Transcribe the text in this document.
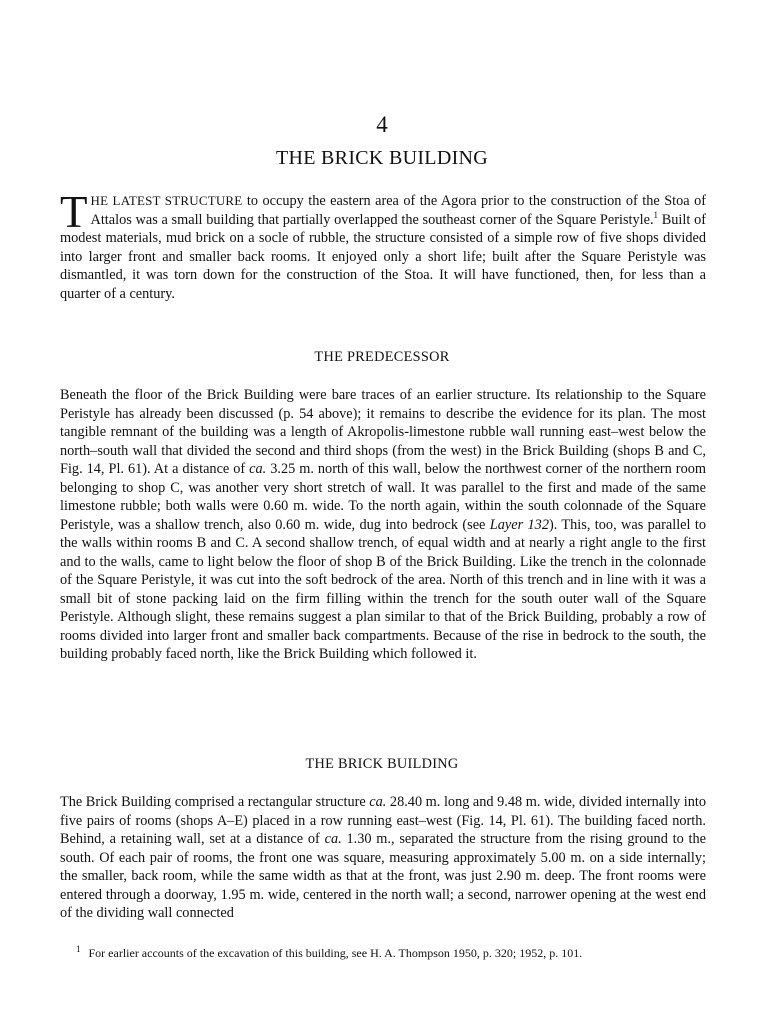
4
THE BRICK BUILDING

THE LATEST STRUCTURE to occupy the eastern area of the Agora prior to the construction of the Stoa of Attalos was a small building that partially overlapped the southeast corner of the Square Peristyle.$^1$ Built of modest materials, mud brick on a socle of rubble, the structure consisted of a simple row of five shops divided into larger front and smaller back rooms. It enjoyed only a short life; built after the Square Peristyle was dismantled, it was torn down for the construction of the Stoa. It will have functioned, then, for less than a quarter of a century.

THE PREDECESSOR

Beneath the floor of the Brick Building were bare traces of an earlier structure. Its relationship to the Square Peristyle has already been discussed (p. 54 above); it remains to describe the evidence for its plan. The most tangible remnant of the building was a length of Akropolis-limestone rubble wall running east–west below the north–south wall that divided the second and third shops (from the west) in the Brick Building (shops B and C, Fig. 14, Pl. 61). At a distance of ca. 3.25 m. north of this wall, below the northwest corner of the northern room belonging to shop C, was another very short stretch of wall. It was parallel to the first and made of the same limestone rubble; both walls were 0.60 m. wide. To the north again, within the south colonnade of the Square Peristyle, was a shallow trench, also 0.60 m. wide, dug into bedrock (see Layer 132). This, too, was parallel to the walls within rooms B and C. A second shallow trench, of equal width and at nearly a right angle to the first and to the walls, came to light below the floor of shop B of the Brick Building. Like the trench in the colonnade of the Square Peristyle, it was cut into the soft bedrock of the area. North of this trench and in line with it was a small bit of stone packing laid on the firm filling within the trench for the south outer wall of the Square Peristyle. Although slight, these remains suggest a plan similar to that of the Brick Building, probably a row of rooms divided into larger front and smaller back compartments. Because of the rise in bedrock to the south, the building probably faced north, like the Brick Building which followed it.

THE BRICK BUILDING

The Brick Building comprised a rectangular structure ca. 28.40 m. long and 9.48 m. wide, divided internally into five pairs of rooms (shops A–E) placed in a row running east–west (Fig. 14, Pl. 61). The building faced north. Behind, a retaining wall, set at a distance of ca. 1.30 m., separated the structure from the rising ground to the south. Of each pair of rooms, the front one was square, measuring approximately 5.00 m. on a side internally; the smaller, back room, while the same width as that at the front, was just 2.90 m. deep. The front rooms were entered through a doorway, 1.95 m. wide, centered in the north wall; a second, narrower opening at the west end of the dividing wall connected

$^1$ For earlier accounts of the excavation of this building, see H. A. Thompson 1950, p. 320; 1952, p. 101.
